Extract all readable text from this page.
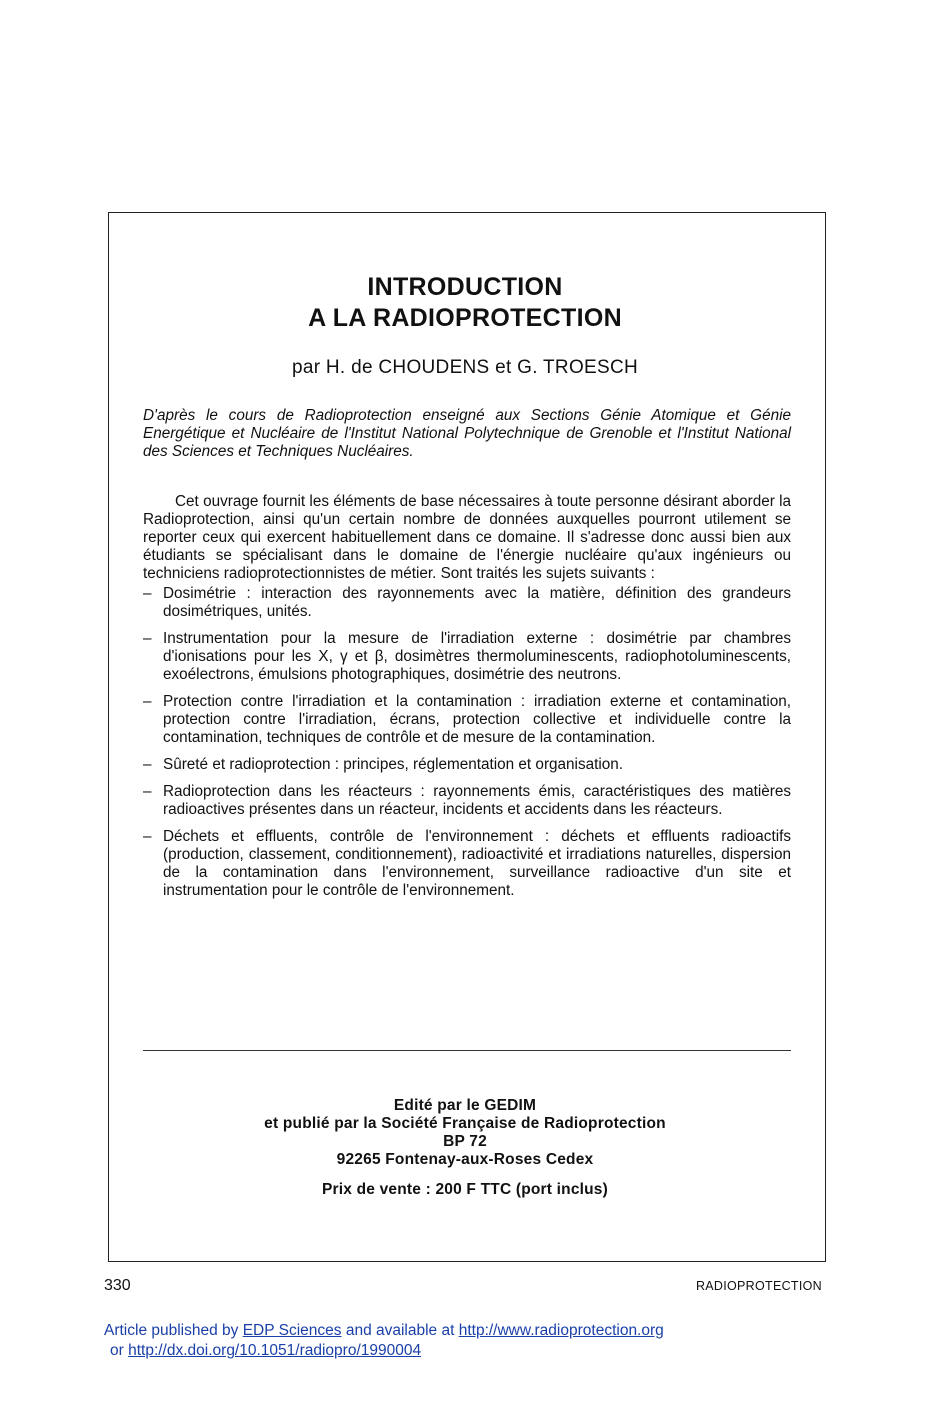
INTRODUCTION
A LA RADIOPROTECTION
par H. de CHOUDENS et G. TROESCH
D'après le cours de Radioprotection enseigné aux Sections Génie Atomique et Génie Energétique et Nucléaire de l'Institut National Polytechnique de Grenoble et l'Institut National des Sciences et Techniques Nucléaires.

Cet ouvrage fournit les éléments de base nécessaires à toute personne désirant aborder la Radioprotection, ainsi qu'un certain nombre de données auxquelles pourront utilement se reporter ceux qui exercent habituellement dans ce domaine. Il s'adresse donc aussi bien aux étudiants se spécialisant dans le domaine de l'énergie nucléaire qu'aux ingénieurs ou techniciens radioprotectionnistes de métier. Sont traités les sujets suivants :

– Dosimétrie : interaction des rayonnements avec la matière, définition des grandeurs dosimétriques, unités.
– Instrumentation pour la mesure de l'irradiation externe : dosimétrie par chambres d'ionisations pour les X, γ et β, dosimètres thermoluminescents, radiophotoluminescents, exoélectrons, émulsions photographiques, dosimétrie des neutrons.
– Protection contre l'irradiation et la contamination : irradiation externe et contamination, protection contre l'irradiation, écrans, protection collective et individuelle contre la contamination, techniques de contrôle et de mesure de la contamination.
– Sûreté et radioprotection : principes, réglementation et organisation.
– Radioprotection dans les réacteurs : rayonnements émis, caractéristiques des matières radioactives présentes dans un réacteur, incidents et accidents dans les réacteurs.
– Déchets et effluents, contrôle de l'environnement : déchets et effluents radioactifs (production, classement, conditionnement), radioactivité et irradiations naturelles, dispersion de la contamination dans l'environnement, surveillance radioactive d'un site et instrumentation pour le contrôle de l'environnement.
Edité par le GEDIM
et publié par la Société Française de Radioprotection
BP 72
92265 Fontenay-aux-Roses Cedex
Prix de vente : 200 F TTC (port inclus)
330	RADIOPROTECTION
Article published by EDP Sciences and available at http://www.radioprotection.org
or http://dx.doi.org/10.1051/radiopro/1990004
